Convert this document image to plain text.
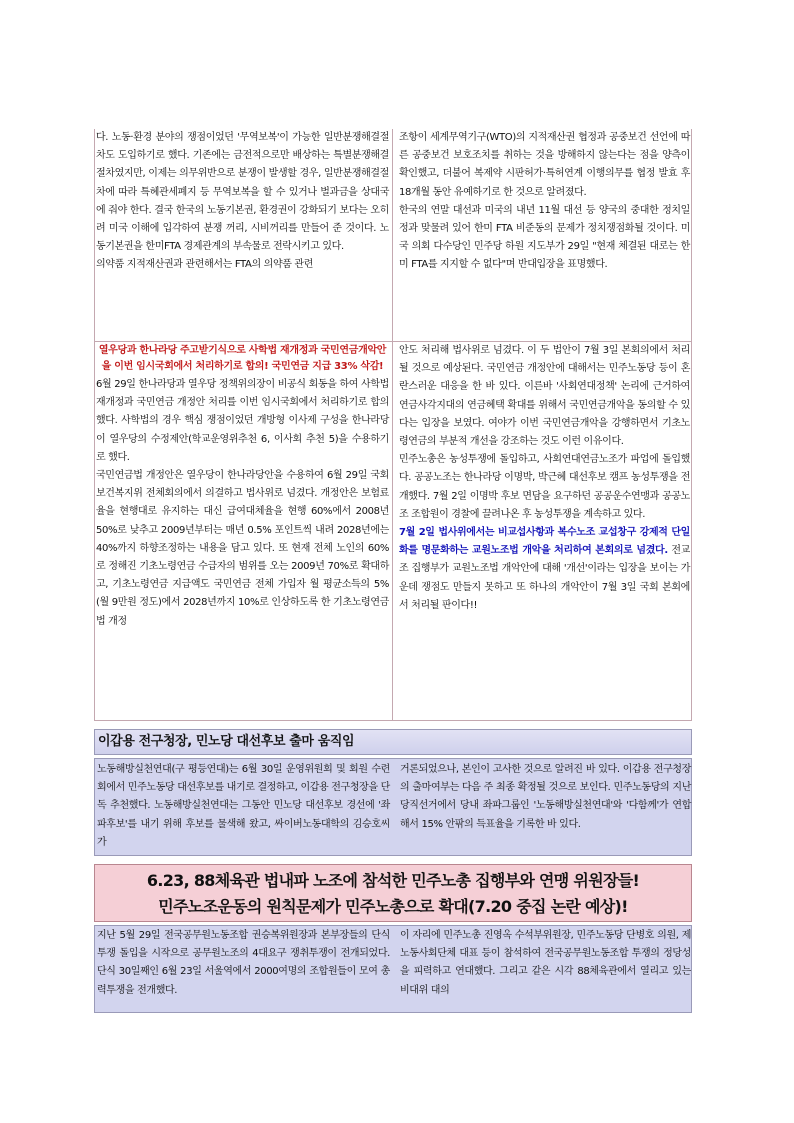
다. 노동·환경 분야의 쟁점이었던 '무역보복'이 가능한 일반분쟁해결절차도 도입하기로 했다. 기존에는 금전적으로만 배상하는 특별분쟁해결절차였지만, 이제는 의무위반으로 분쟁이 발생할 경우, 일반분쟁해결절차에 따라 특혜관세폐지 등 무역보복을 할 수 있거나 벌과금을 상대국에 줘야 한다. 결국 한국의 노동기본권, 환경권이 강화되기 보다는 오히려 미국 이해에 입각하여 분쟁 꺼리, 시비꺼리를 만들어 준 것이다. 노동기본권을 한미FTA 경제관계의 부속물로 전락시키고 있다.

의약품 지적재산권과 관련해서는 FTA의 의약품 관련

조항이 세계무역기구(WTO)의 지적재산권 협정과 공중보건 선언에 따른 공중보건 보호조치를 취하는 것을 방해하지 않는다는 점을 양측이 확인했고, 더불어 복제약 시판허가·특허연계 이행의무를 협정 발효 후 18개월 동안 유예하기로 한 것으로 알려졌다.

한국의 연말 대선과 미국의 내년 11월 대선 등 양국의 중대한 정치일정과 맞물려 있어 한미 FTA 비준동의 문제가 정치쟁점화될 것이다. 미국 의회 다수당인 민주당 하원 지도부가 29일 "현재 체결된 대로는 한미 FTA를 지지할 수 없다"며 반대입장을 표명했다.

열우당과 한나라당 주고받기식으로 사학법 재개정과 국민연금개악안을 이번 임시국회에서 처리하기로 합의! 국민연금 지급 33% 삭감!

6월 29일 한나라당과 열우당 정책위의장이 비공식 회동을 하여 사학법 재개정과 국민연금 개정안 처리를 이번 임시국회에서 처리하기로 합의했다. 사학법의 경우 핵심 쟁점이었던 개방형 이사제 구성을 한나라당이 열우당의 수정제안(학교운영위추천 6, 이사회 추천 5)을 수용하기로 했다.

국민연금법 개정안은 열우당이 한나라당안을 수용하여 6월 29일 국회 보건복지위 전체회의에서 의결하고 법사위로 넘겼다. 개정안은 보험료율을 현행대로 유지하는 대신 급여대체율을 현행 60%에서 2008년 50%로 낮추고 2009년부터는 매년 0.5% 포인트씩 내려 2028년에는 40%까지 하향조정하는 내용을 담고 있다. 또 현재 전체 노인의 60%로 정해진 기초노령연금 수급자의 범위를 오는 2009년 70%로 확대하고, 기초노령연금 지급액도 국민연금 전체 가입자 월 평균소득의 5%(월 9만원 정도)에서 2028년까지 10%로 인상하도록 한 기초노령연금법 개정

안도 처리해 법사위로 넘겼다. 이 두 법안이 7월 3일 본회의에서 처리될 것으로 예상된다. 국민연금 개정안에 대해서는 민주노동당 등이 혼란스러운 대응을 한 바 있다. 이른바 '사회연대정책' 논리에 근거하여 연금사각지대의 연금혜택 확대를 위해서 국민연금개악을 동의할 수 있다는 입장을 보였다. 여야가 이번 국민연금개악을 강행하면서 기초노령연금의 부분적 개선을 강조하는 것도 이런 이유이다.

민주노총은 농성투쟁에 돌입하고, 사회연대연금노조가 파업에 돌입했다. 공공노조는 한나라당 이명박, 박근혜 대선후보 캠프 농성투쟁을 전개했다. 7월 2일 이명박 후보 면담을 요구하던 공공운수연맹과 공공노조 조합원이 경찰에 끌려나온 후 농성투쟁을 계속하고 있다.

7월 2일 법사위에서는 비교섭사항과 복수노조 교섭창구 강제적 단일화를 명문화하는 교원노조법 개악을 처리하여 본회의로 넘겼다. 전교조 집행부가 교원노조법 개악안에 대해 '개선'이라는 입장을 보이는 가운데 쟁점도 만들지 못하고 또 하나의 개악안이 7월 3일 국회 본회에서 처리될 판이다!!

이갑용 전구청장, 민노당 대선후보 출마 움직임

노동해방실천연대(구 평등연대)는 6월 30일 운영위원회 및 회원 수련회에서 민주노동당 대선후보를 내기로 결정하고, 이갑용 전구청장을 단독 추천했다. 노동해방실천연대는 그동안 민노당 대선후보 경선에 '좌파후보'를 내기 위해 후보를 물색해 왔고, 싸이버노동대학의 김승호씨가

거론되었으나, 본인이 고사한 것으로 알려진 바 있다. 이갑용 전구청장의 출마여부는 다음 주 최종 확정될 것으로 보인다. 민주노동당의 지난 당직선거에서 당내 좌파그룹인 '노동해방실천연대'와 '다함께'가 연합해서 15% 안팎의 득표율을 기록한 바 있다.

6.23, 88체육관 법내파 노조에 참석한 민주노총 집행부와 연맹 위원장들!
민주노조운동의 원칙문제가 민주노총으로 확대(7.20 중집 논란 예상)!

지난 5월 29일 전국공무원노동조합 권승복위원장과 본부장들의 단식투쟁 돌입을 시작으로 공무원노조의 4대요구 쟁취투쟁이 전개되었다. 단식 30일째인 6월 23일 서울역에서 2000여명의 조합원들이 모여 총력투쟁을 전개했다.

이 자리에 민주노총 진영옥 수석부위원장, 민주노동당 단병호 의원, 제노동사회단체 대표 등이 참석하여 전국공무원노동조합 투쟁의 정당성을 피력하고 연대했다. 그리고 같은 시각 88체육관에서 열리고 있는 비대위 대의
